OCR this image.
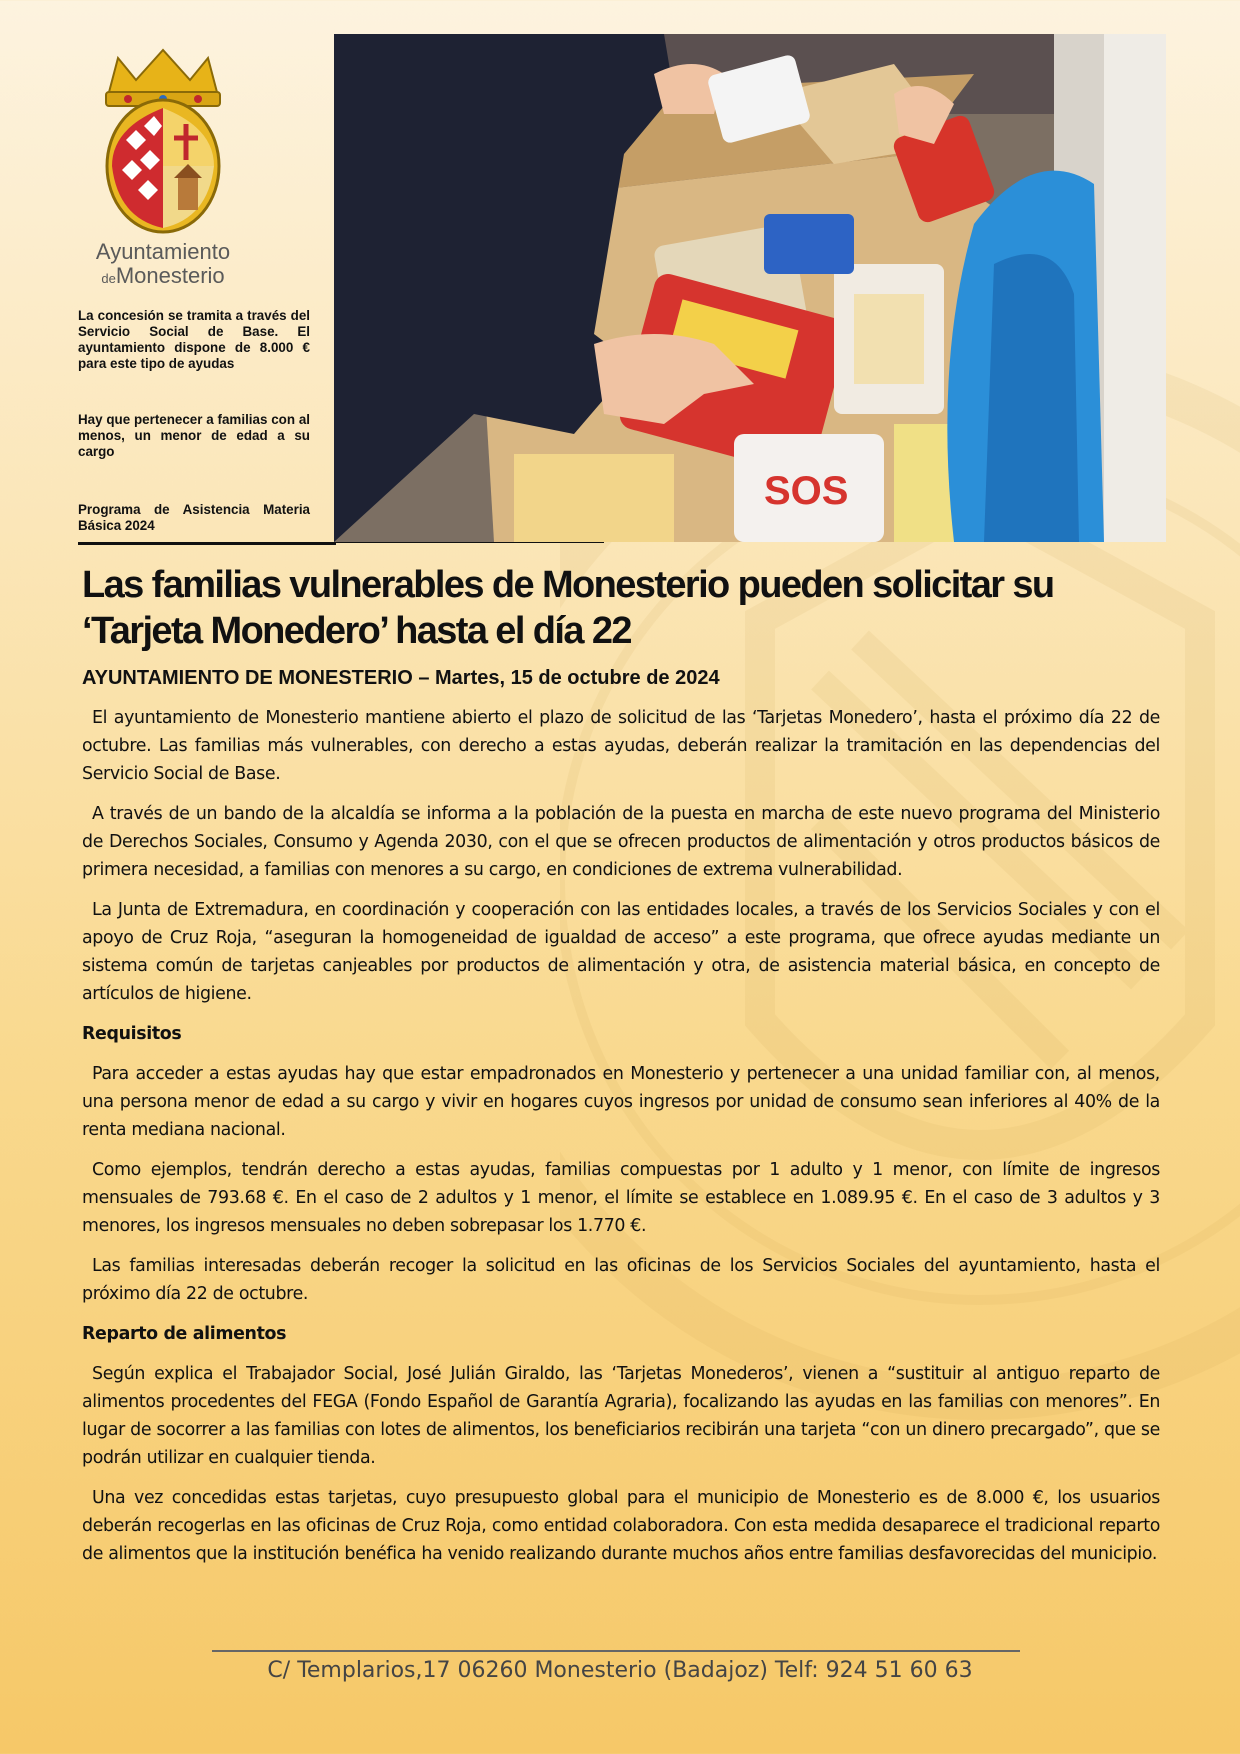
Ayuntamiento
deMonesterio

La concesión se tramita a través del Servicio Social de Base. El ayuntamiento dispone de 8.000 € para este tipo de ayudas

Hay que pertenecer a familias con al menos, un menor de edad a su cargo

Programa de Asistencia Materia Básica 2024

SOS
Las familias vulnerables de Monesterio pueden solicitar su ‘Tarjeta Monedero’ hasta el día 22
AYUNTAMIENTO DE MONESTERIO – Martes, 15 de octubre de 2024

El ayuntamiento de Monesterio mantiene abierto el plazo de solicitud de las ‘Tarjetas Monedero’, hasta el próximo día 22 de octubre. Las familias más vulnerables, con derecho a estas ayudas, deberán realizar la tramitación en las dependencias del Servicio Social de Base.

A través de un bando de la alcaldía se informa a la población de la puesta en marcha de este nuevo programa del Ministerio de Derechos Sociales, Consumo y Agenda 2030, con el que se ofrecen productos de alimentación y otros productos básicos de primera necesidad, a familias con menores a su cargo, en condiciones de extrema vulnerabilidad.

La Junta de Extremadura, en coordinación y cooperación con las entidades locales, a través de los Servicios Sociales y con el apoyo de Cruz Roja, “aseguran la homogeneidad de igualdad de acceso” a este programa, que ofrece ayudas mediante un sistema común de tarjetas canjeables por productos de alimentación y otra, de asistencia material básica, en concepto de artículos de higiene.

Requisitos

Para acceder a estas ayudas hay que estar empadronados en Monesterio y pertenecer a una unidad familiar con, al menos, una persona menor de edad a su cargo y vivir en hogares cuyos ingresos por unidad de consumo sean inferiores al 40% de la renta mediana nacional.

Como ejemplos, tendrán derecho a estas ayudas, familias compuestas por 1 adulto y 1 menor, con límite de ingresos mensuales de 793.68 €. En el caso de 2 adultos y 1 menor, el límite se establece en 1.089.95 €. En el caso de 3 adultos y 3 menores, los ingresos mensuales no deben sobrepasar los 1.770 €.

Las familias interesadas deberán recoger la solicitud en las oficinas de los Servicios Sociales del ayuntamiento, hasta el próximo día 22 de octubre.

Reparto de alimentos

Según explica el Trabajador Social, José Julián Giraldo, las ‘Tarjetas Monederos’, vienen a “sustituir al antiguo reparto de alimentos procedentes del FEGA (Fondo Español de Garantía Agraria), focalizando las ayudas en las familias con menores”. En lugar de socorrer a las familias con lotes de alimentos, los beneficiarios recibirán una tarjeta “con un dinero precargado”, que se podrán utilizar en cualquier tienda.

Una vez concedidas estas tarjetas, cuyo presupuesto global para el municipio de Monesterio es de 8.000 €, los usuarios deberán recogerlas en las oficinas de Cruz Roja, como entidad colaboradora. Con esta medida desaparece el tradicional reparto de alimentos que la institución benéfica ha venido realizando durante muchos años entre familias desfavorecidas del municipio.

C/ Templarios,17 06260 Monesterio (Badajoz) Telf: 924 51 60 63
